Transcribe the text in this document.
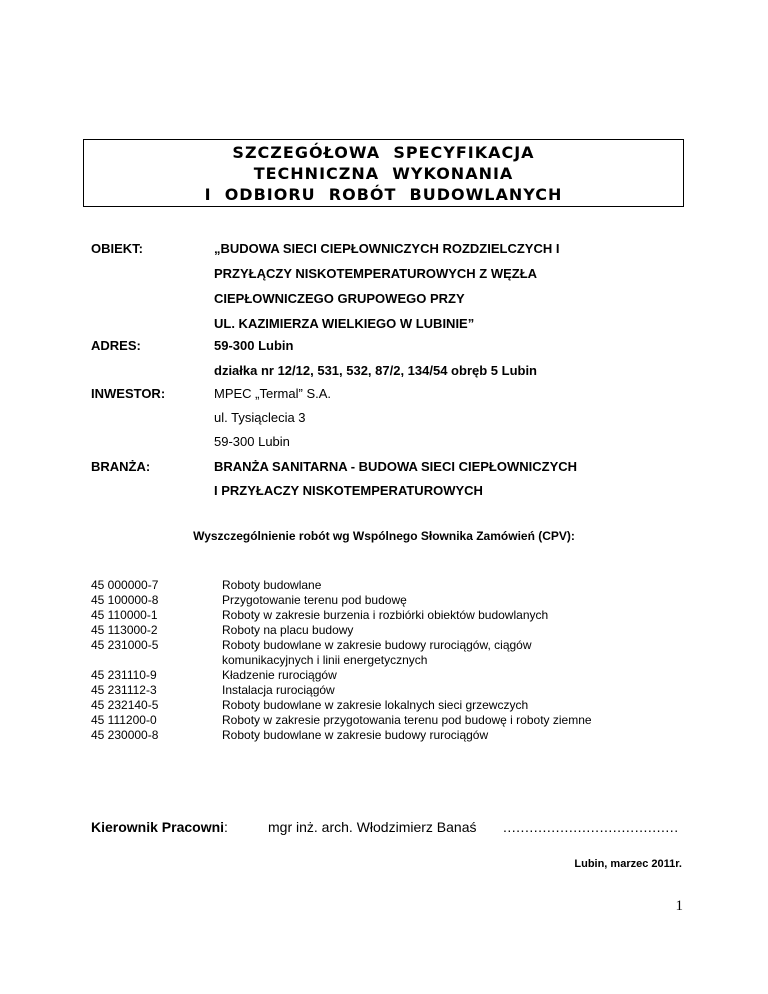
SZCZEGÓŁOWA  SPECYFIKACJA
TECHNICZNA  WYKONANIA
I  ODBIORU  ROBÓT  BUDOWLANYCH
OBIEKT:	„BUDOWA SIECI CIEPŁOWNICZYCH ROZDZIELCZYCH I
PRZYŁĄCZY NISKOTEMPERATUROWYCH Z WĘZŁA
CIEPŁOWNICZEGO GRUPOWEGO PRZY
UL. KAZIMIERZA WIELKIEGO W LUBINIE”
ADRES:	59-300 Lubin
działka nr 12/12, 531, 532, 87/2, 134/54 obręb 5 Lubin
INWESTOR:	MPEC „Termal” S.A.
ul. Tysiąclecia 3
59-300 Lubin
BRANŻA:	BRANŻA SANITARNA - BUDOWA SIECI CIEPŁOWNICZYCH
I PRZYŁACZY NISKOTEMPERATUROWYCH
Wyszczególnienie robót wg Wspólnego Słownika Zamówień (CPV):
45 000000-7	Roboty budowlane
45 100000-8	Przygotowanie terenu pod budowę
45 110000-1	Roboty w zakresie burzenia i rozbiórki obiektów budowlanych
45 113000-2	Roboty na placu budowy
45 231000-5	Roboty budowlane w zakresie budowy rurociągów, ciągów
komunikacyjnych i linii energetycznych
45 231110-9	Kładzenie rurociągów
45 231112-3	Instalacja rurociągów
45 232140-5	Roboty budowlane w zakresie lokalnych sieci grzewczych
45 111200-0	Roboty w zakresie przygotowania terenu pod budowę i roboty ziemne
45 230000-8	Roboty budowlane w zakresie budowy rurociągów
Kierownik Pracowni:	mgr inż. arch. Włodzimierz Banaś ........................................
Lubin, marzec 2011r.
1
